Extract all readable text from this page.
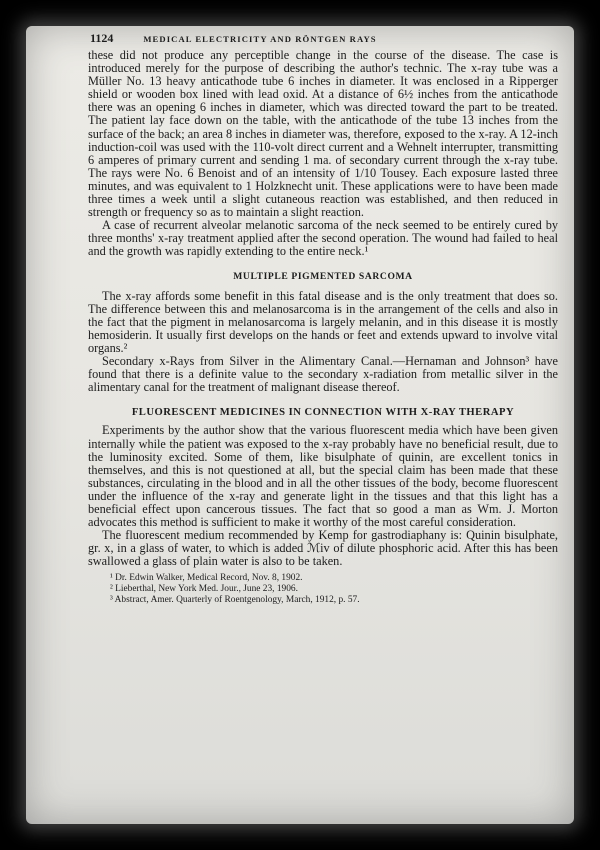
1124	MEDICAL ELECTRICITY AND RÖNTGEN RAYS

these did not produce any perceptible change in the course of the disease. The case is introduced merely for the purpose of describing the author's technic. The x-ray tube was a Müller No. 13 heavy anticathode tube 6 inches in diameter. It was enclosed in a Ripperger shield or wooden box lined with lead oxid. At a distance of 6½ inches from the anticathode there was an opening 6 inches in diameter, which was directed toward the part to be treated. The patient lay face down on the table, with the anticathode of the tube 13 inches from the surface of the back; an area 8 inches in diameter was, therefore, exposed to the x-ray. A 12-inch induction-coil was used with the 110-volt direct current and a Wehnelt interrupter, transmitting 6 amperes of primary current and sending 1 ma. of secondary current through the x-ray tube. The rays were No. 6 Benoist and of an intensity of 1/10 Tousey. Each exposure lasted three minutes, and was equivalent to 1 Holzknecht unit. These applications were to have been made three times a week until a slight cutaneous reaction was established, and then reduced in strength or frequency so as to maintain a slight reaction.

A case of recurrent alveolar melanotic sarcoma of the neck seemed to be entirely cured by three months' x-ray treatment applied after the second operation. The wound had failed to heal and the growth was rapidly extending to the entire neck.¹

MULTIPLE PIGMENTED SARCOMA

The x-ray affords some benefit in this fatal disease and is the only treatment that does so. The difference between this and melanosarcoma is in the arrangement of the cells and also in the fact that the pigment in melanosarcoma is largely melanin, and in this disease it is mostly hemosiderin. It usually first develops on the hands or feet and extends upward to involve vital organs.²

Secondary x-Rays from Silver in the Alimentary Canal.—Hernaman and Johnson³ have found that there is a definite value to the secondary x-radiation from metallic silver in the alimentary canal for the treatment of malignant disease thereof.

FLUORESCENT MEDICINES IN CONNECTION WITH X-RAY THERAPY

Experiments by the author show that the various fluorescent media which have been given internally while the patient was exposed to the x-ray probably have no beneficial result, due to the luminosity excited. Some of them, like bisulphate of quinin, are excellent tonics in themselves, and this is not questioned at all, but the special claim has been made that these substances, circulating in the blood and in all the other tissues of the body, become fluorescent under the influence of the x-ray and generate light in the tissues and that this light has a beneficial effect upon cancerous tissues. The fact that so good a man as Wm. J. Morton advocates this method is sufficient to make it worthy of the most careful consideration.

The fluorescent medium recommended by Kemp for gastrodiaphany is: Quinin bisulphate, gr. x, in a glass of water, to which is added ℳiv of dilute phosphoric acid. After this has been swallowed a glass of plain water is also to be taken.

¹ Dr. Edwin Walker, Medical Record, Nov. 8, 1902.
² Lieberthal, New York Med. Jour., June 23, 1906.
³ Abstract, Amer. Quarterly of Roentgenology, March, 1912, p. 57.
